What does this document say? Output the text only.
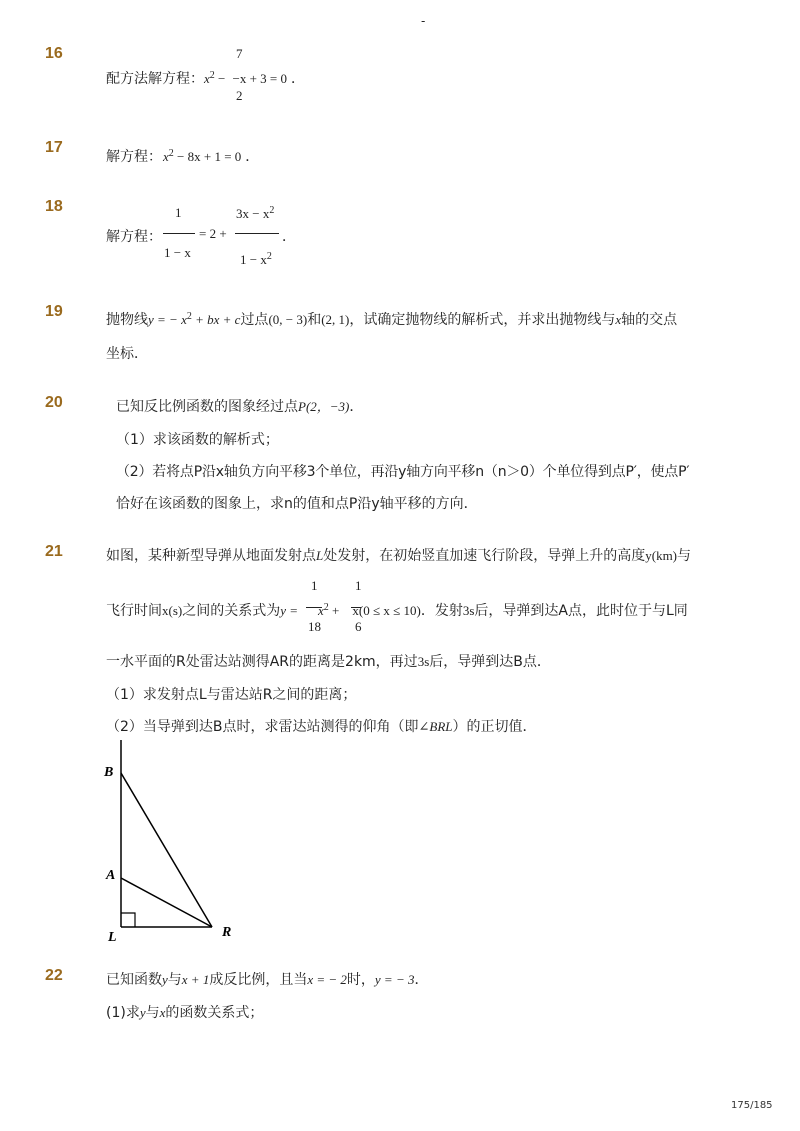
-
16
配方法解方程：
7
2
$x^2 - -x + 3 = 0$ ．
17
解方程： $x^2 - 8x + 1 = 0$ ．
18
解方程：
1
1 − x
= 2 +
$3x - x^2$
$1 - x^2$
．
19	抛物线y = − $x^2$ + bx + c过点(0, − 3)和(2, 1)，试确定抛物线的解析式，并求出抛物线与x轴的交点
坐标．
20	已知反比例函数的图象经过点P(2，−3)．
（1）求该函数的解析式；
（2）若将点P沿x轴负方向平移3个单位，再沿y轴方向平移n（n＞0）个单位得到点P′，使点P′
恰好在该函数的图象上，求n的值和点P沿y轴平移的方向．
21	如图，某种新型导弹从地面发射点L处发射，在初始竖直加速飞行阶段，导弹上升的高度y(km)与
1
18
1
6
飞行时间x(s)之间的关系式为$y = x^2 + x(0 \le x \le 10)$．发射3s后，导弹到达A点，此时位于与L同
一水平面的R处雷达站测得AR的距离是2km，再过3s后，导弹到达B点．
（1）求发射点L与雷达站R之间的距离；
（2）当导弹到达B点时，求雷达站测得的仰角（即∠BRL）的正切值．
B
A
L	R
22	已知函数y与x + 1成反比例，且当x = − 2时，y = − 3．
(1)求y与x的函数关系式；
175/185
